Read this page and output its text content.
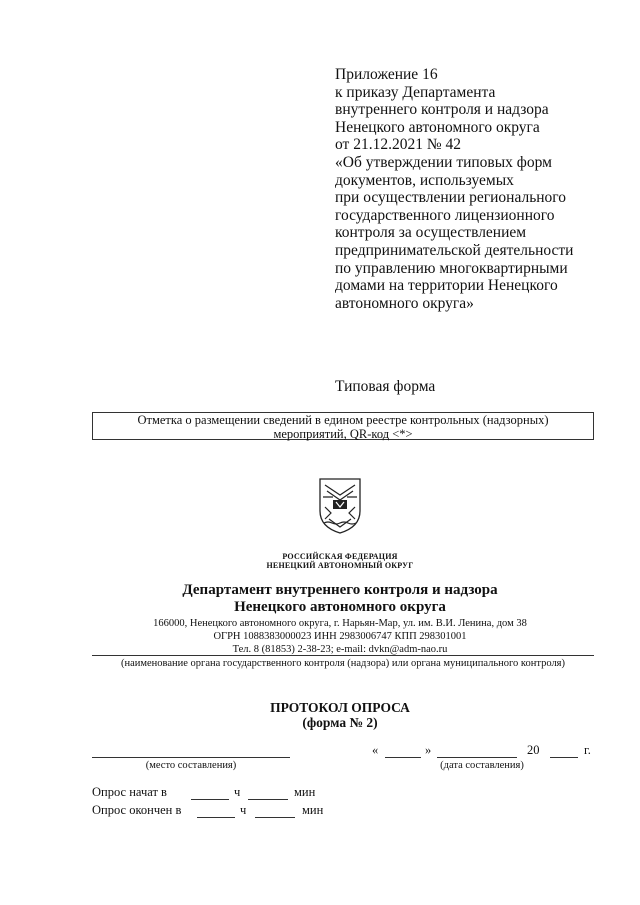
Приложение 16
к приказу Департамента
внутреннего контроля и надзора
Ненецкого автономного округа
от 21.12.2021 № 42
«Об утверждении типовых форм
документов, используемых
при осуществлении регионального
государственного лицензионного
контроля за осуществлением
предпринимательской деятельности
по управлению многоквартирными
домами на территории Ненецкого
автономного округа»
Типовая форма
Отметка о размещении сведений в едином реестре контрольных (надзорных)
мероприятий, QR-код <*>
РОССИЙСКАЯ ФЕДЕРАЦИЯ
НЕНЕЦКИЙ АВТОНОМНЫЙ ОКРУГ
Департамент внутреннего контроля и надзора
Ненецкого автономного округа
166000, Ненецкого автономного округа, г. Нарьян-Мар, ул. им. В.И. Ленина, дом 38
ОГРН 1088383000023 ИНН 2983006747 КПП 298301001
Тел. 8 (81853) 2-38-23; e-mail: dvkn@adm-nao.ru
(наименование органа государственного контроля (надзора) или органа муниципального контроля)
ПРОТОКОЛ ОПРОСА
(форма № 2)
(место составления)
«	»	20	г.
(дата составления)
Опрос начат в	ч	мин
Опрос окончен в	ч	мин
